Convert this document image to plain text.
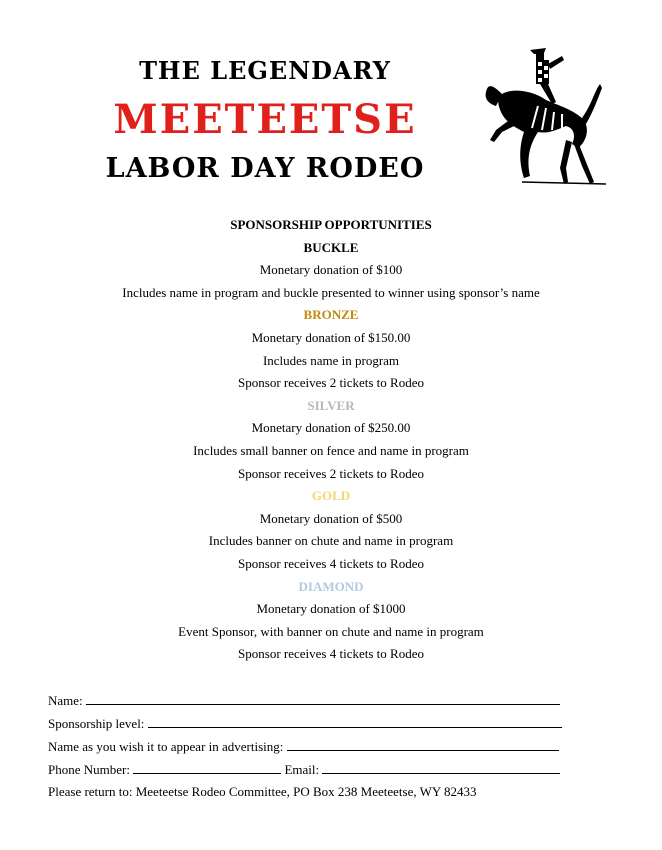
THE LEGENDARY
MEETEETSE
LABOR DAY RODEO
SPONSORSHIP OPPORTUNITIES
BUCKLE
Monetary donation of $100
Includes name in program and buckle presented to winner using sponsor’s name
BRONZE
Monetary donation of $150.00
Includes name in program
Sponsor receives 2 tickets to Rodeo
SILVER
Monetary donation of $250.00
Includes small banner on fence and name in program
Sponsor receives 2 tickets to Rodeo
GOLD
Monetary donation of $500
Includes banner on chute and name in program
Sponsor receives 4 tickets to Rodeo
DIAMOND
Monetary donation of $1000
Event Sponsor, with banner on chute and name in program
Sponsor receives 4 tickets to Rodeo
Name:
Sponsorship level:
Name as you wish it to appear in advertising:
Phone Number:	Email:
Please return to: Meeteetse Rodeo Committee, PO Box 238 Meeteetse, WY 82433
